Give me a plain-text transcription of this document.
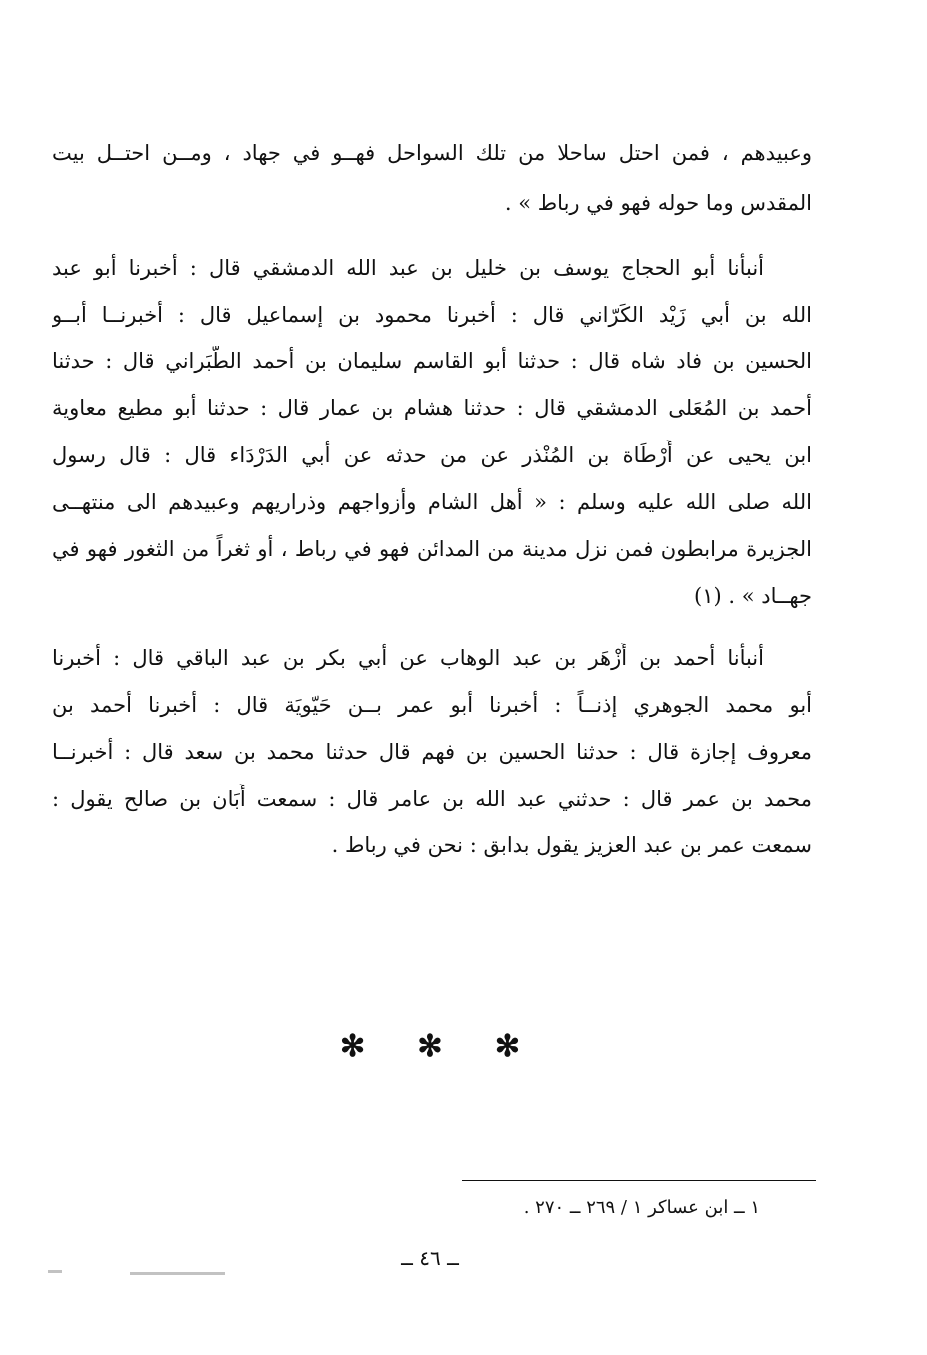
وعبيدهم ، فمن احتل ساحلا من تلك السواحل فهــو في جهاد ، ومــن احتــل بيت
المقدس وما حوله فهو في رباط » .
أنبأنا أبو الحجاج يوسف بن خليل بن عبد الله الدمشقي قال : أخبرنا أبو عبد
الله بن أبي زَيْد الكَرّاني قال : أخبرنا محمود بن إسماعيل قال : أخبرنــا أبــو
الحسين بن فاد شاه قال : حدثنا أبو القاسم سليمان بن أحمد الطّبَراني قال : حدثنا
أحمد بن المُعَلى الدمشقي قال : حدثنا هشام بن عمار قال : حدثنا أبو مطيع معاوية
ابن يحيى عن أَرْطَاة بن المُنْذر عن من حدثه عن أبي الدَرْدَاء قال : قال رسول
الله صلى الله عليه وسلم : « أهل الشام وأزواجهم وذراريهم وعبيدهم الى منتهــى
الجزيرة مرابطون فمن نزل مدينة من المدائن فهو في رباط ، أو ثغراً من الثغور فهو في
جهــاد » . (١)
أنبأنا أحمد بن أَزْهَر بن عبد الوهاب عن أبي بكر بن عبد الباقي قال : أخبرنا
أبو محمد الجوهري إذنــاً : أخبرنا أبو عمر بــن حَيّويَة قال : أخبرنا أحمد بن
معروف إجازة قال : حدثنا الحسين بن فهم قال حدثنا محمد بن سعد قال : أخبرنــا
محمد بن عمر قال : حدثني عبد الله بن عامر قال : سمعت أَبَان بن صالح يقول :
سمعت عمر بن عبد العزيز يقول بدابق : نحن في رباط .
✻ ✻ ✻
١ ــ ابن عساكر ١ / ٢٦٩ ــ ٢٧٠ .
ــ ٤٦ ــ
